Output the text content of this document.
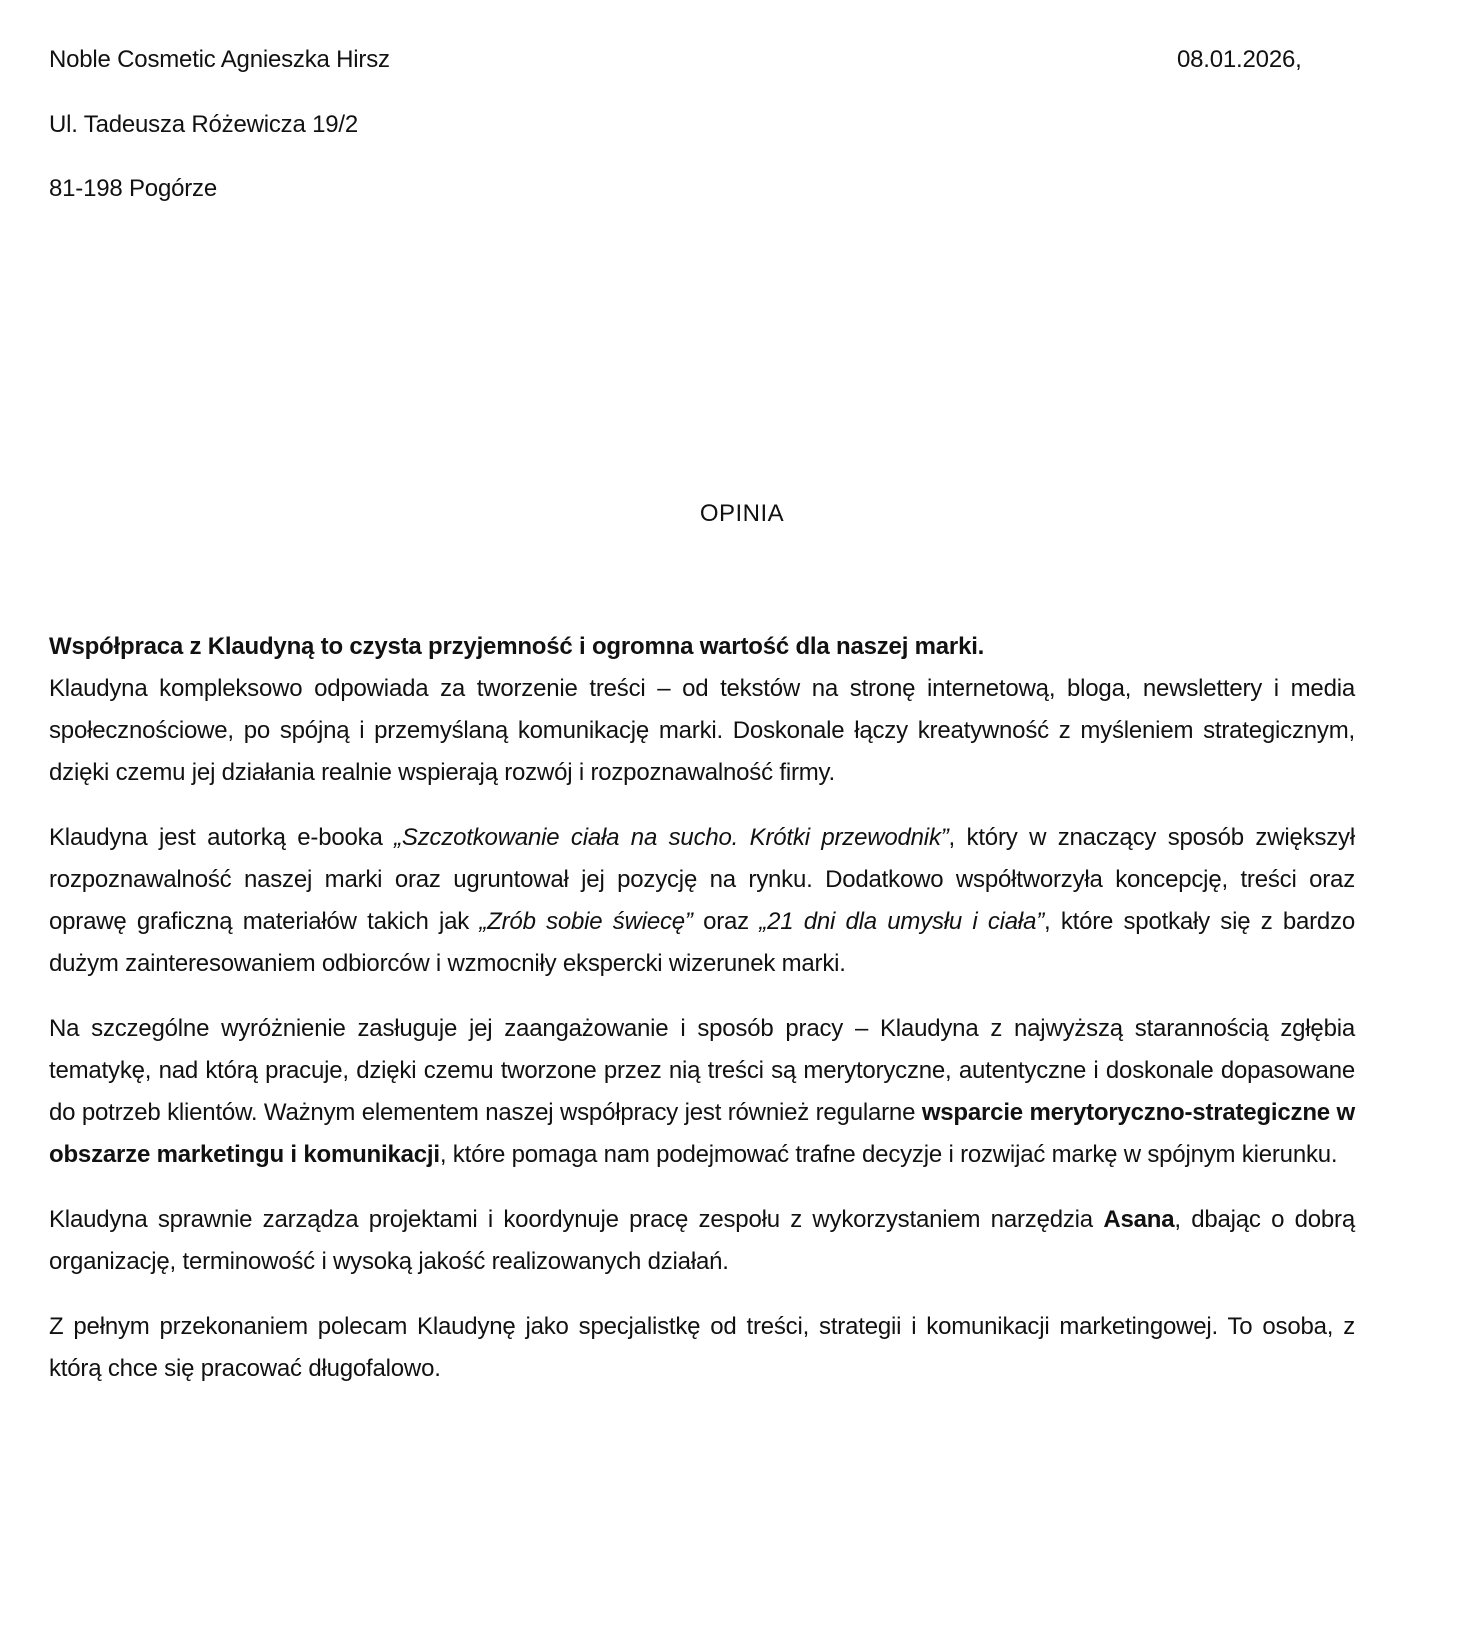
Noble Cosmetic Agnieszka Hirsz
Ul. Tadeusza Różewicza 19/2
81-198 Pogórze
08.01.2026,
OPINIA

Współpraca z Klaudyną to czysta przyjemność i ogromna wartość dla naszej marki.
Klaudyna kompleksowo odpowiada za tworzenie treści – od tekstów na stronę internetową, bloga, newslettery i media społecznościowe, po spójną i przemyślaną komunikację marki. Doskonale łączy kreatywność z myśleniem strategicznym, dzięki czemu jej działania realnie wspierają rozwój i rozpoznawalność firmy.

Klaudyna jest autorką e-booka „Szczotkowanie ciała na sucho. Krótki przewodnik”, który w znaczący sposób zwiększył rozpoznawalność naszej marki oraz ugruntował jej pozycję na rynku. Dodatkowo współtworzyła koncepcję, treści oraz oprawę graficzną materiałów takich jak „Zrób sobie świecę” oraz „21 dni dla umysłu i ciała”, które spotkały się z bardzo dużym zainteresowaniem odbiorców i wzmocniły ekspercki wizerunek marki.

Na szczególne wyróżnienie zasługuje jej zaangażowanie i sposób pracy – Klaudyna z najwyższą starannością zgłębia tematykę, nad którą pracuje, dzięki czemu tworzone przez nią treści są merytoryczne, autentyczne i doskonale dopasowane do potrzeb klientów. Ważnym elementem naszej współpracy jest również regularne wsparcie merytoryczno-strategiczne w obszarze marketingu i komunikacji, które pomaga nam podejmować trafne decyzje i rozwijać markę w spójnym kierunku.

Klaudyna sprawnie zarządza projektami i koordynuje pracę zespołu z wykorzystaniem narzędzia Asana, dbając o dobrą organizację, terminowość i wysoką jakość realizowanych działań.

Z pełnym przekonaniem polecam Klaudynę jako specjalistkę od treści, strategii i komunikacji marketingowej. To osoba, z którą chce się pracować długofalowo.
